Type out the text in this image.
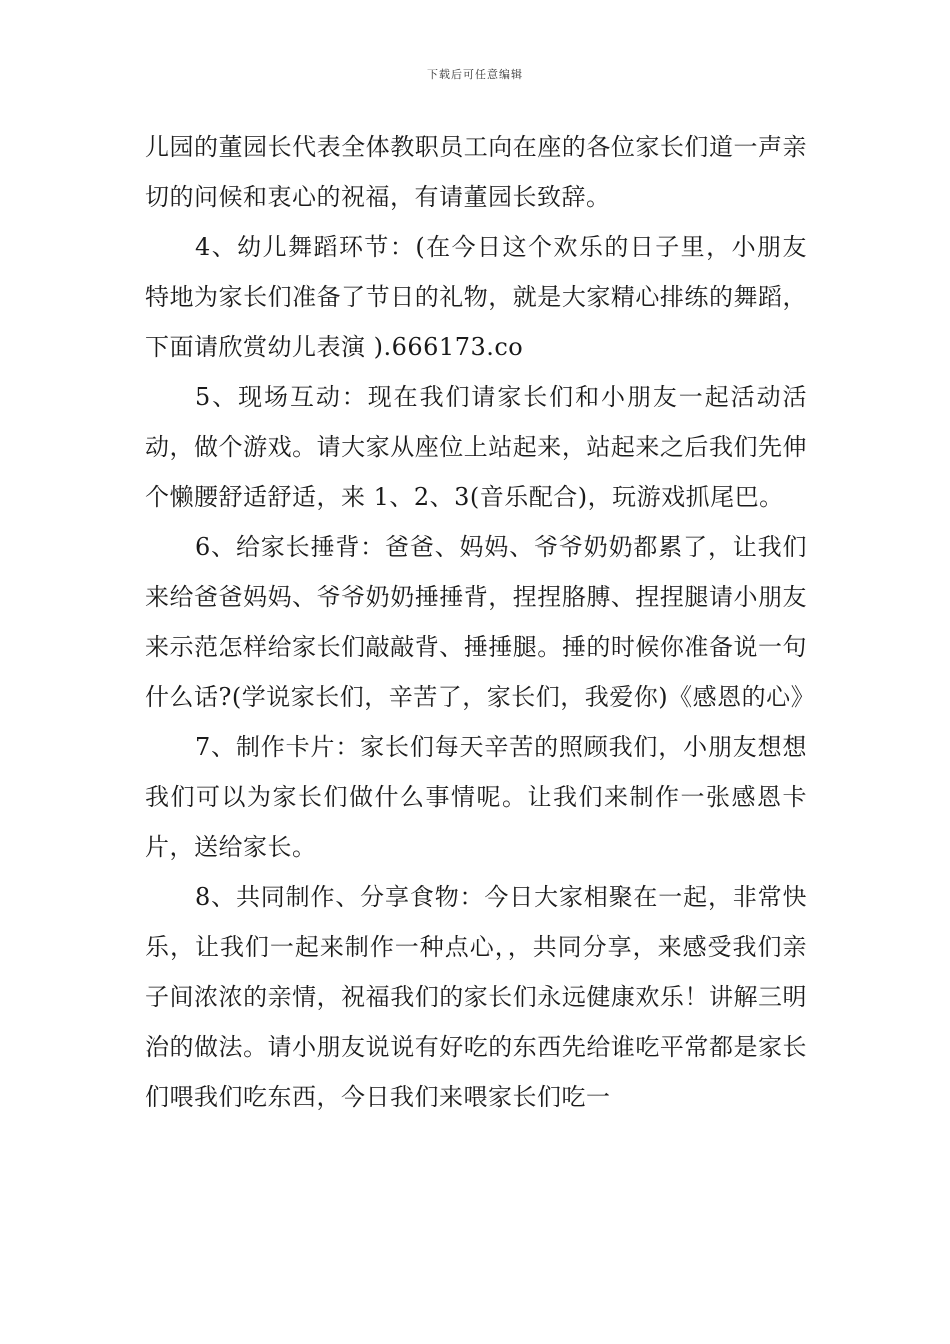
下载后可任意编辑

儿园的董园长代表全体教职员工向在座的各位家长们道一声亲切的问候和衷心的祝福，有请董园长致辞。

4、幼儿舞蹈环节：(在今日这个欢乐的日子里，小朋友特地为家长们准备了节日的礼物，就是大家精心排练的舞蹈，下面请欣赏幼儿表演 ).666173.co

5、现场互动：现在我们请家长们和小朋友一起活动活动，做个游戏。请大家从座位上站起来，站起来之后我们先伸个懒腰舒适舒适，来 1、2、3(音乐配合)，玩游戏抓尾巴。

6、给家长捶背：爸爸、妈妈、爷爷奶奶都累了，让我们来给爸爸妈妈、爷爷奶奶捶捶背，捏捏胳膊、捏捏腿请小朋友来示范怎样给家长们敲敲背、捶捶腿。捶的时候你准备说一句什么话?(学说家长们，辛苦了，家长们，我爱你)《感恩的心》

7、制作卡片：家长们每天辛苦的照顾我们，小朋友想想我们可以为家长们做什么事情呢。让我们来制作一张感恩卡片，送给家长。

8、共同制作、分享食物：今日大家相聚在一起，非常快乐，让我们一起来制作一种点心，，共同分享，来感受我们亲子间浓浓的亲情，祝福我们的家长们永远健康欢乐！讲解三明治的做法。请小朋友说说有好吃的东西先给谁吃平常都是家长们喂我们吃东西，今日我们来喂家长们吃一
